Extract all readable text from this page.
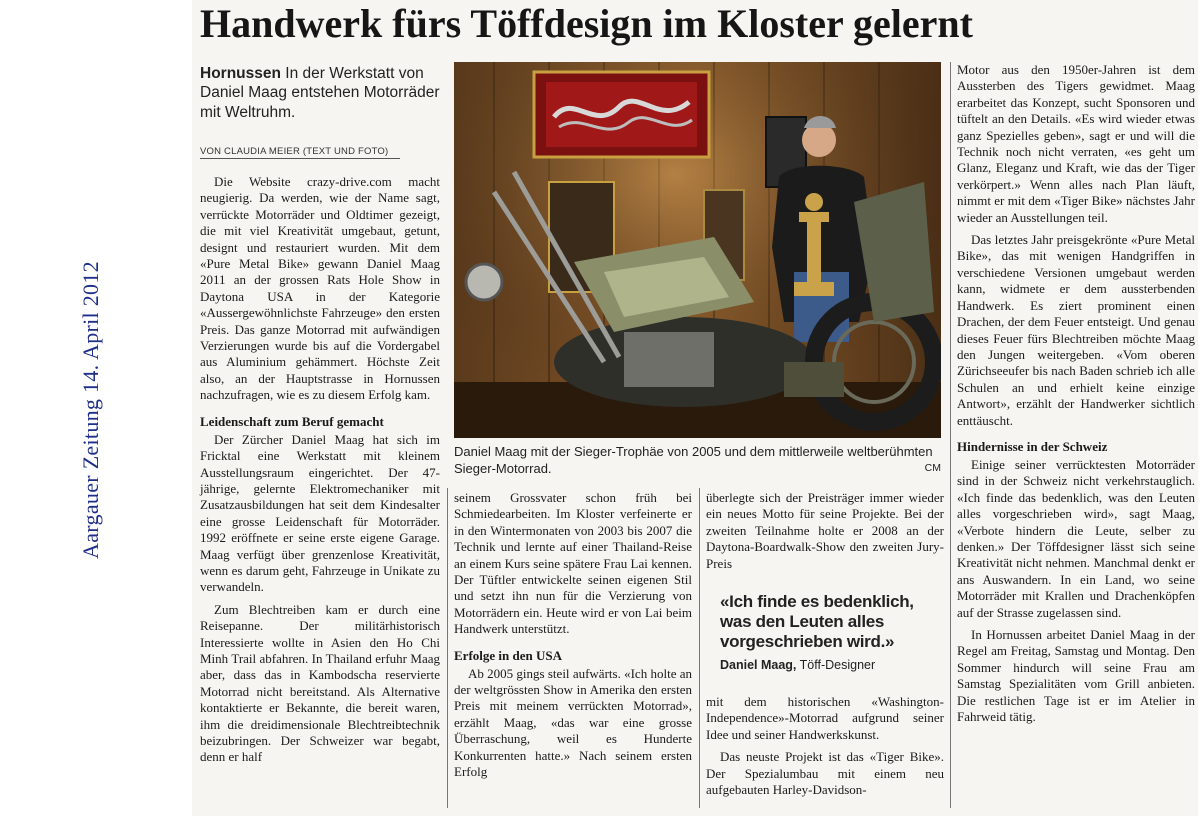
Aargauer Zeitung 14. April 2012
Handwerk fürs Töffdesign im Kloster gelernt
Hornussen In der Werkstatt von Daniel Maag entstehen Motorräder mit Weltruhm.
VON CLAUDIA MEIER (TEXT UND FOTO)

Die Website crazy-drive.com macht neugierig. Da werden, wie der Name sagt, verrückte Motorräder und Oldtimer gezeigt, die mit viel Kreativität umgebaut, getunt, designt und restauriert wurden. Mit dem «Pure Metal Bike» gewann Daniel Maag 2011 an der grossen Rats Hole Show in Daytona USA in der Kategorie «Aussergewöhnlichste Fahrzeuge» den ersten Preis. Das ganze Motorrad mit aufwändigen Verzierungen wurde bis auf die Vordergabel aus Aluminium gehämmert. Höchste Zeit also, an der Hauptstrasse in Hornussen nachzufragen, wie es zu diesem Erfolg kam.

Leidenschaft zum Beruf gemacht

Der Zürcher Daniel Maag hat sich im Fricktal eine Werkstatt mit kleinem Ausstellungsraum eingerichtet. Der 47-jährige, gelernte Elektromechaniker mit Zusatzausbildungen hat seit dem Kindesalter eine grosse Leidenschaft für Motorräder. 1992 eröffnete er seine erste eigene Garage. Maag verfügt über grenzenlose Kreativität, wenn es darum geht, Fahrzeuge in Unikate zu verwandeln.

Zum Blechtreiben kam er durch eine Reisepanne. Der militärhistorisch Interessierte wollte in Asien den Ho Chi Minh Trail abfahren. In Thailand erfuhr Maag aber, dass das in Kambodscha reservierte Motorrad nicht bereitstand. Als Alternative kontaktierte er Bekannte, die bereit waren, ihm die dreidimensionale Blechtreibtechnik beizubringen. Der Schweizer war begabt, denn er half

Daniel Maag mit der Sieger-Trophäe von 2005 und dem mittlerweile weltberühmten Sieger-Motorrad.	CM

seinem Grossvater schon früh bei Schmiedearbeiten. Im Kloster verfeinerte er in den Wintermonaten von 2003 bis 2007 die Technik und lernte auf einer Thailand-Reise an einem Kurs seine spätere Frau Lai kennen. Der Tüftler entwickelte seinen eigenen Stil und setzt ihn nun für die Verzierung von Motorrädern ein. Heute wird er von Lai beim Handwerk unterstützt.

Erfolge in den USA

Ab 2005 gings steil aufwärts. «Ich holte an der weltgrössten Show in Amerika den ersten Preis mit meinem verrückten Motorrad», erzählt Maag, «das war eine grosse Überraschung, weil es Hunderte Konkurrenten hatte.» Nach seinem ersten Erfolg

überlegte sich der Preisträger immer wieder ein neues Motto für seine Projekte. Bei der zweiten Teilnahme holte er 2008 an der Daytona-Boardwalk-Show den zweiten Jury-Preis

«Ich finde es bedenklich, was den Leuten alles vorgeschrieben wird.»
Daniel Maag, Töff-Designer

mit dem historischen «Washington-Independence»-Motorrad aufgrund seiner Idee und seiner Handwerkskunst.

Das neuste Projekt ist das «Tiger Bike». Der Spezialumbau mit einem neu aufgebauten Harley-Davidson-

Motor aus den 1950er-Jahren ist dem Aussterben des Tigers gewidmet. Maag erarbeitet das Konzept, sucht Sponsoren und tüftelt an den Details. «Es wird wieder etwas ganz Spezielles geben», sagt er und will die Technik noch nicht verraten, «es geht um Glanz, Eleganz und Kraft, wie das der Tiger verkörpert.» Wenn alles nach Plan läuft, nimmt er mit dem «Tiger Bike» nächstes Jahr wieder an Ausstellungen teil.

Das letztes Jahr preisgekrönte «Pure Metal Bike», das mit wenigen Handgriffen in verschiedene Versionen umgebaut werden kann, widmete er dem aussterbenden Handwerk. Es ziert prominent einen Drachen, der dem Feuer entsteigt. Und genau dieses Feuer fürs Blechtreiben möchte Maag den Jungen weitergeben. «Vom oberen Zürichseeufer bis nach Baden schrieb ich alle Schulen an und erhielt keine einzige Antwort», erzählt der Handwerker sichtlich enttäuscht.

Hindernisse in der Schweiz

Einige seiner verrücktesten Motorräder sind in der Schweiz nicht verkehrstauglich. «Ich finde das bedenklich, was den Leuten alles vorgeschrieben wird», sagt Maag, «Verbote hindern die Leute, selber zu denken.» Der Töffdesigner lässt sich seine Kreativität nicht nehmen. Manchmal denkt er ans Auswandern. In ein Land, wo seine Motorräder mit Krallen und Drachenköpfen auf der Strasse zugelassen sind.

In Hornussen arbeitet Daniel Maag in der Regel am Freitag, Samstag und Montag. Den Sommer hindurch will seine Frau am Samstag Spezialitäten vom Grill anbieten. Die restlichen Tage ist er im Atelier in Fahrweid tätig.
